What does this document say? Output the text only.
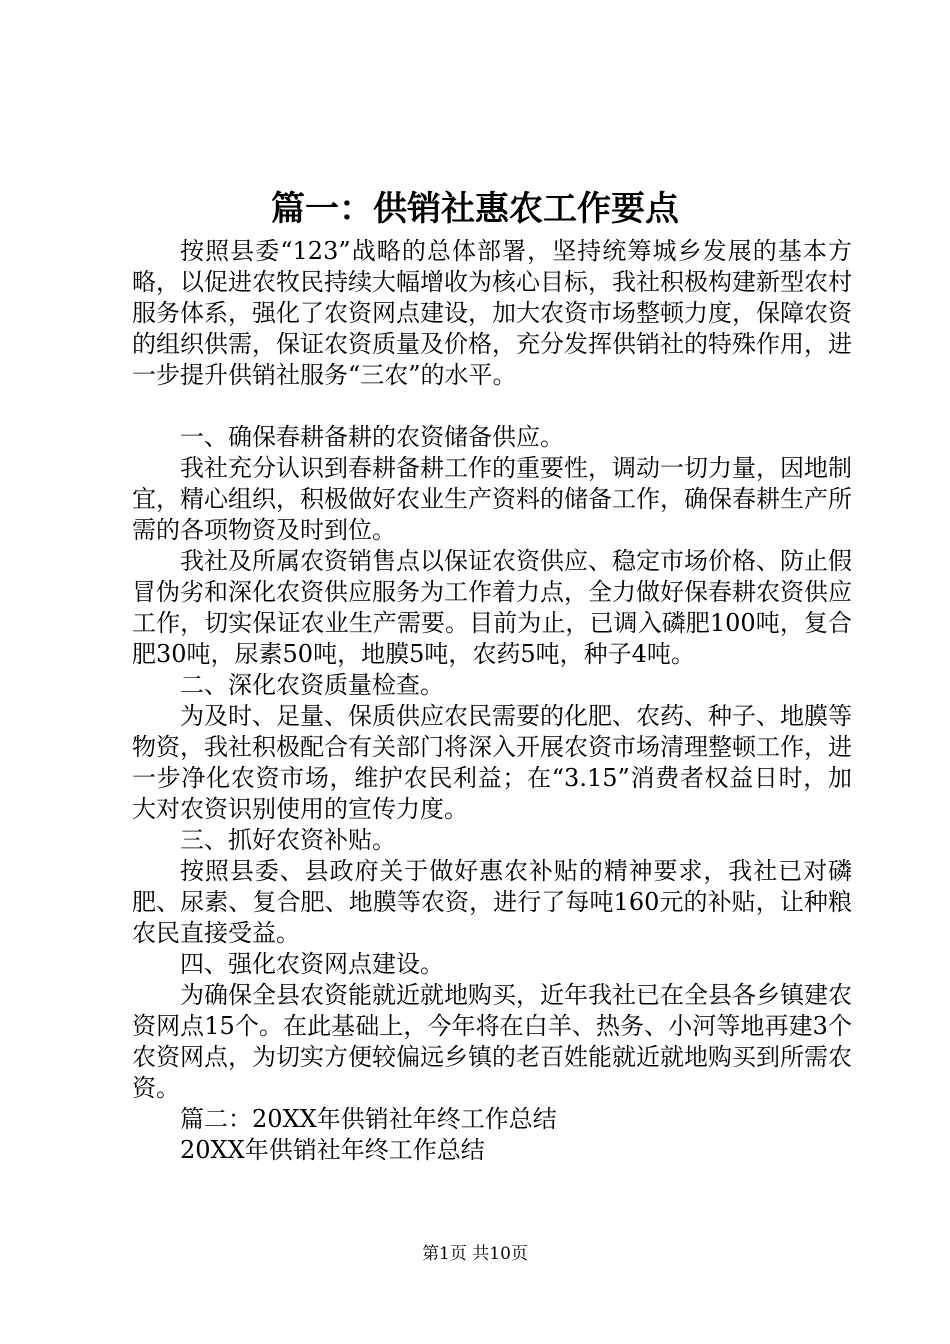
篇一：供销社惠农工作要点

按照县委“123”战略的总体部署，坚持统筹城乡发展的基本方略，以促进农牧民持续大幅增收为核心目标，我社积极构建新型农村服务体系，强化了农资网点建设，加大农资市场整顿力度，保障农资的组织供需，保证农资质量及价格，充分发挥供销社的特殊作用，进一步提升供销社服务“三农”的水平。

一、确保春耕备耕的农资储备供应。

我社充分认识到春耕备耕工作的重要性，调动一切力量，因地制宜，精心组织，积极做好农业生产资料的储备工作，确保春耕生产所需的各项物资及时到位。

我社及所属农资销售点以保证农资供应、稳定市场价格、防止假冒伪劣和深化农资供应服务为工作着力点，全力做好保春耕农资供应工作，切实保证农业生产需要。目前为止，已调入磷肥100吨，复合肥30吨，尿素50吨，地膜5吨，农药5吨，种子4吨。

二、深化农资质量检查。

为及时、足量、保质供应农民需要的化肥、农药、种子、地膜等物资，我社积极配合有关部门将深入开展农资市场清理整顿工作，进一步净化农资市场，维护农民利益；在“3.15”消费者权益日时，加大对农资识别使用的宣传力度。

三、抓好农资补贴。

按照县委、县政府关于做好惠农补贴的精神要求，我社已对磷肥、尿素、复合肥、地膜等农资，进行了每吨160元的补贴，让种粮农民直接受益。

四、强化农资网点建设。

为确保全县农资能就近就地购买，近年我社已在全县各乡镇建农资网点15个。在此基础上，今年将在白羊、热务、小河等地再建3个农资网点，为切实方便较偏远乡镇的老百姓能就近就地购买到所需农资。

篇二：20XX年供销社年终工作总结

20XX年供销社年终工作总结

第1页 共10页
